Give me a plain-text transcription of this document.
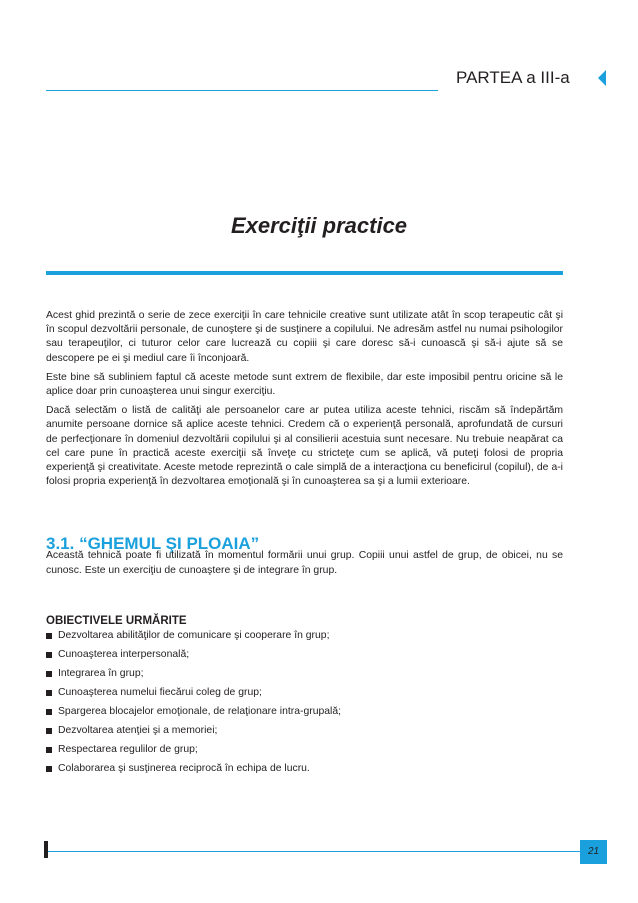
PARTEA a III-a
Exerciţii practice

Acest ghid prezintă o serie de zece exerciţii în care tehnicile creative sunt utilizate atât în scop terapeutic cât şi în scopul dezvoltării personale, de cunoştere şi de susţinere a copilului. Ne adresăm astfel nu numai psihologilor sau terapeuţilor, ci tuturor celor care lucrează cu copiii şi care doresc să-i cunoască şi să-i ajute să se descopere pe ei şi mediul care îi înconjoară.

Este bine să subliniem faptul că aceste metode sunt extrem de flexibile, dar este imposibil pentru oricine să le aplice doar prin cunoaşterea unui singur exerciţiu.

Dacă selectăm o listă de calităţi ale persoanelor care ar putea utiliza aceste tehnici, riscăm să îndepărtăm anumite persoane dornice să aplice aceste tehnici. Credem că o experienţă personală, aprofundată de cursuri de perfecţionare în domeniul dezvoltării copilului şi al consilierii acestuia sunt necesare. Nu trebuie neapărat ca cel care pune în practică aceste exerciţii să înveţe cu stricteţe cum se aplică, vă puteţi folosi de propria experienţă şi creativitate. Aceste metode reprezintă o cale simplă de a interacţiona cu beneficirul (copilul), de a-i folosi propria experienţă în dezvoltarea emoţională şi în cunoaşterea sa şi a lumii exterioare.

3.1. “GHEMUL ŞI PLOAIA”

Această tehnică poate fi utilizată în momentul formării unui grup. Copiii unui astfel de grup, de obicei, nu se cunosc. Este un exerciţiu de cunoaştere şi de integrare în grup.

OBIECTIVELE URMĂRITE
Dezvoltarea abilităţilor de comunicare şi cooperare în grup;
Cunoaşterea interpersonală;
Integrarea în grup;
Cunoaşterea numelui fiecărui coleg de grup;
Spargerea blocajelor emoţionale, de relaţionare intra-grupală;
Dezvoltarea atenţiei şi a memoriei;
Respectarea regulilor de grup;
Colaborarea şi susţinerea reciprocă în echipa de lucru.
21
